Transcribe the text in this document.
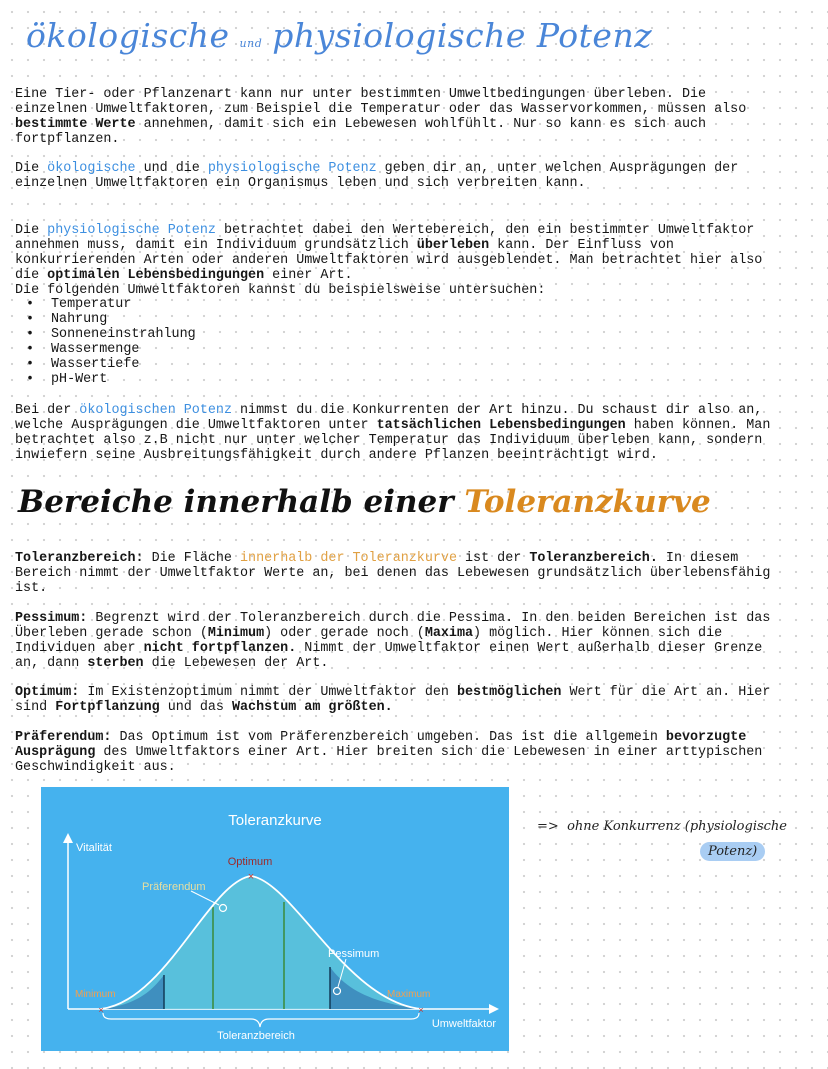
ökologische und physiologische Potenz

Eine Tier- oder Pflanzenart kann nur unter bestimmten Umweltbedingungen überleben. Die einzelnen Umweltfaktoren, zum Beispiel die Temperatur oder das Wasservorkommen, müssen also bestimmte Werte annehmen, damit sich ein Lebewesen wohlfühlt. Nur so kann es sich auch fortpflanzen.

Die ökologische und die physiologische Potenz geben dir an, unter welchen Ausprägungen der einzelnen Umweltfaktoren ein Organismus leben und sich verbreiten kann.

Die physiologische Potenz betrachtet dabei den Wertebereich, den ein bestimmter Umweltfaktor annehmen muss, damit ein Individuum grundsätzlich überleben kann. Der Einfluss von konkurrierenden Arten oder anderen Umweltfaktoren wird ausgeblendet. Man betrachtet hier also die optimalen Lebensbedingungen einer Art.
Die folgenden Umweltfaktoren kannst du beispielsweise untersuchen:

• Temperatur
• Nahrung
• Sonneneinstrahlung
• Wassermenge
• Wassertiefe
• pH-Wert

Bei der ökologischen Potenz nimmst du die Konkurrenten der Art hinzu. Du schaust dir also an, welche Ausprägungen die Umweltfaktoren unter tatsächlichen Lebensbedingungen haben können. Man betrachtet also z.B nicht nur unter welcher Temperatur das Individuum überleben kann, sondern inwiefern seine Ausbreitungsfähigkeit durch andere Pflanzen beeinträchtigt wird.

Bereiche innerhalb einer Toleranzkurve

Toleranzbereich: Die Fläche innerhalb der Toleranzkurve ist der Toleranzbereich. In diesem Bereich nimmt der Umweltfaktor Werte an, bei denen das Lebewesen grundsätzlich überlebensfähig ist.

Pessimum: Begrenzt wird der Toleranzbereich durch die Pessima. In den beiden Bereichen ist das Überleben gerade schon (Minimum) oder gerade noch (Maxima) möglich. Hier können sich die Individuen aber nicht fortpflanzen. Nimmt der Umweltfaktor einen Wert außerhalb dieser Grenze an, dann sterben die Lebewesen der Art.

Optimum: Im Existenzoptimum nimmt der Umweltfaktor den bestmöglichen Wert für die Art an. Hier sind Fortpflanzung und das Wachstum am größten.

Präferendum: Das Optimum ist vom Präferenzbereich umgeben. Das ist die allgemein bevorzugte Ausprägung des Umweltfaktors einer Art. Hier breiten sich die Lebewesen in einer arttypischen Geschwindigkeit aus.

Toleranzkurve
Vitalität
Umweltfaktor
×
Optimum
Präferendum
Pessimum
Minimum	Maximum
×	×
Toleranzbereich
=> ohne Konkurrenz (physiologische
Potenz)
